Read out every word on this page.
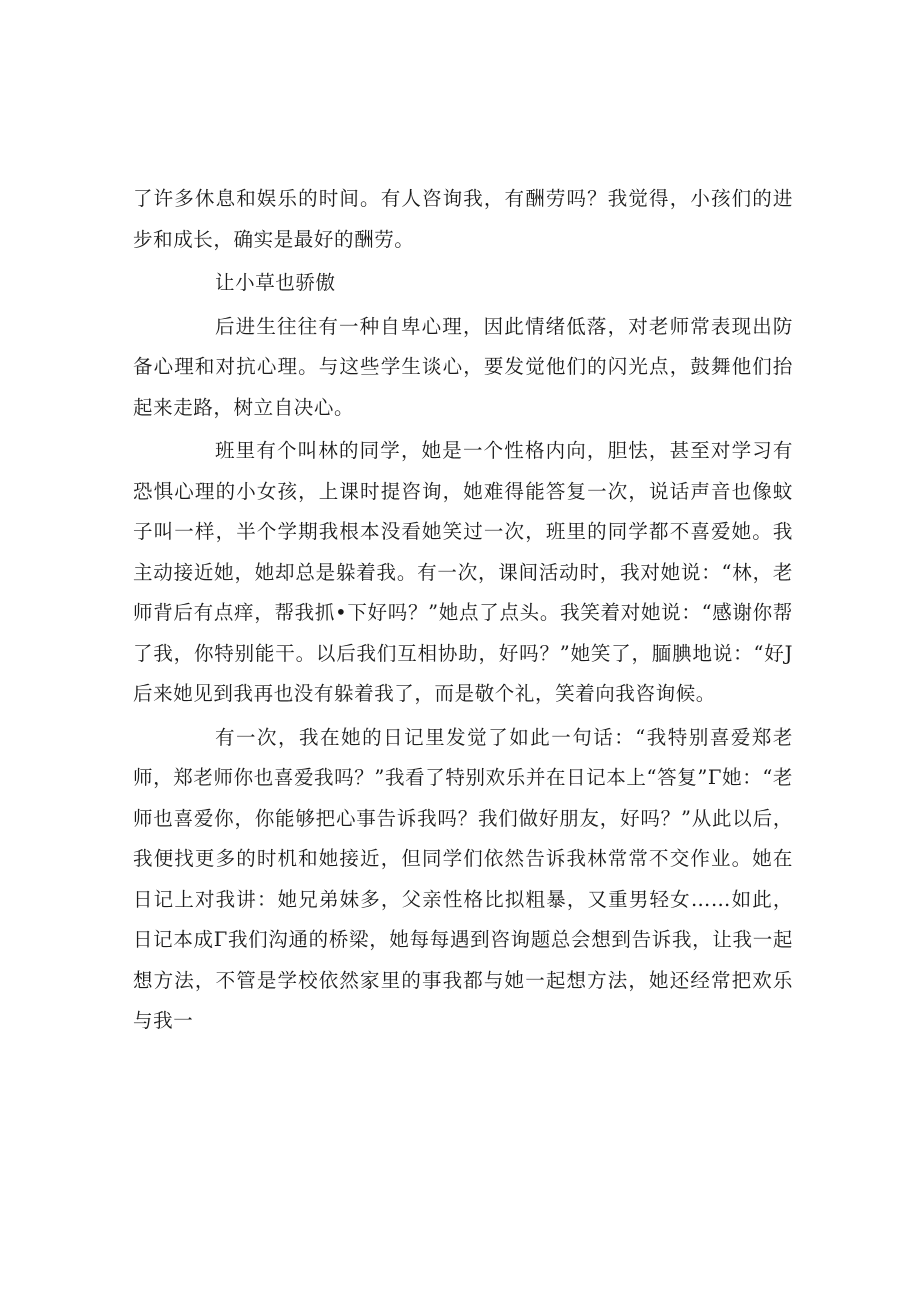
了许多休息和娱乐的时间。有人咨询我，有酬劳吗？我觉得，小孩们的进步和成长，确实是最好的酬劳。

让小草也骄傲

后进生往往有一种自卑心理，因此情绪低落，对老师常表现出防备心理和对抗心理。与这些学生谈心，要发觉他们的闪光点，鼓舞他们抬起来走路，树立自决心。

班里有个叫林的同学，她是一个性格内向，胆怯，甚至对学习有恐惧心理的小女孩，上课时提咨询，她难得能答复一次，说话声音也像蚊子叫一样，半个学期我根本没看她笑过一次，班里的同学都不喜爱她。我主动接近她，她却总是躲着我。有一次，课间活动时，我对她说：“林，老师背后有点痒，帮我抓•下好吗？”她点了点头。我笑着对她说：“感谢你帮了我，你特别能干。以后我们互相协助，好吗？”她笑了，腼腆地说：“好J后来她见到我再也没有躲着我了，而是敬个礼，笑着向我咨询候。

有一次，我在她的日记里发觉了如此一句话：“我特别喜爱郑老师，郑老师你也喜爱我吗？”我看了特别欢乐并在日记本上“答复”Γ她：“老师也喜爱你，你能够把心事告诉我吗？我们做好朋友，好吗？”从此以后，我便找更多的时机和她接近，但同学们依然告诉我林常常不交作业。她在日记上对我讲：她兄弟妹多，父亲性格比拟粗暴，又重男轻女……如此，日记本成Γ我们沟通的桥梁，她每每遇到咨询题总会想到告诉我，让我一起想方法，不管是学校依然家里的事我都与她一起想方法，她还经常把欢乐与我一
